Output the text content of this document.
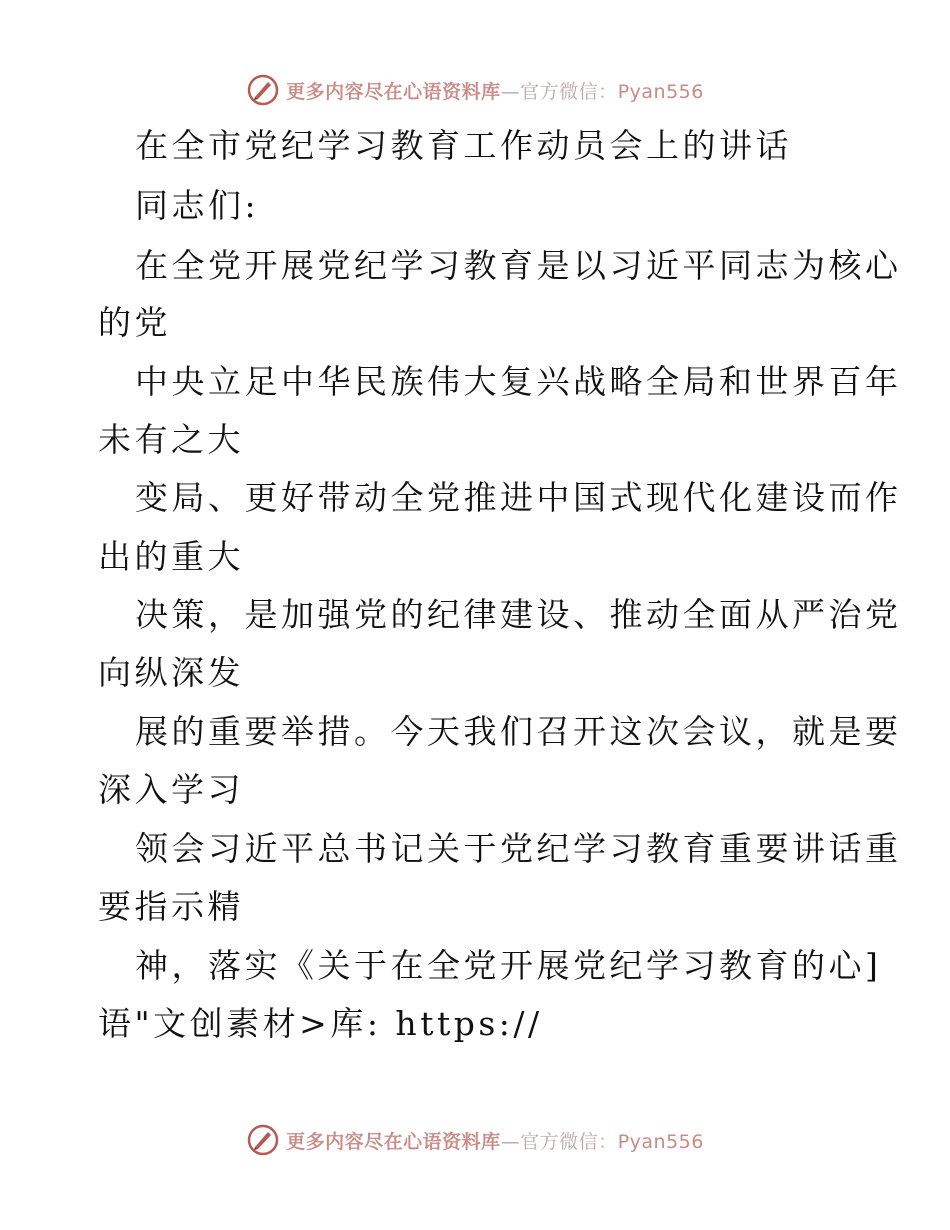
更多内容尽在心语资料库—官方微信：Pyan556
在全市党纪学习教育工作动员会上的讲话
同志们:
在全党开展党纪学习教育是以习近平同志为核心
的党
中央立足中华民族伟大复兴战略全局和世界百年
未有之大
变局、更好带动全党推进中国式现代化建设而作
出的重大
决策，是加强党的纪律建设、推动全面从严治党
向纵深发
展的重要举措。今天我们召开这次会议，就是要
深入学习
领会习近平总书记关于党纪学习教育重要讲话重
要指示精
神，落实《关于在全党开展党纪学习教育的心]
语"文创素材>库: https://
更多内容尽在心语资料库—官方微信：Pyan556
